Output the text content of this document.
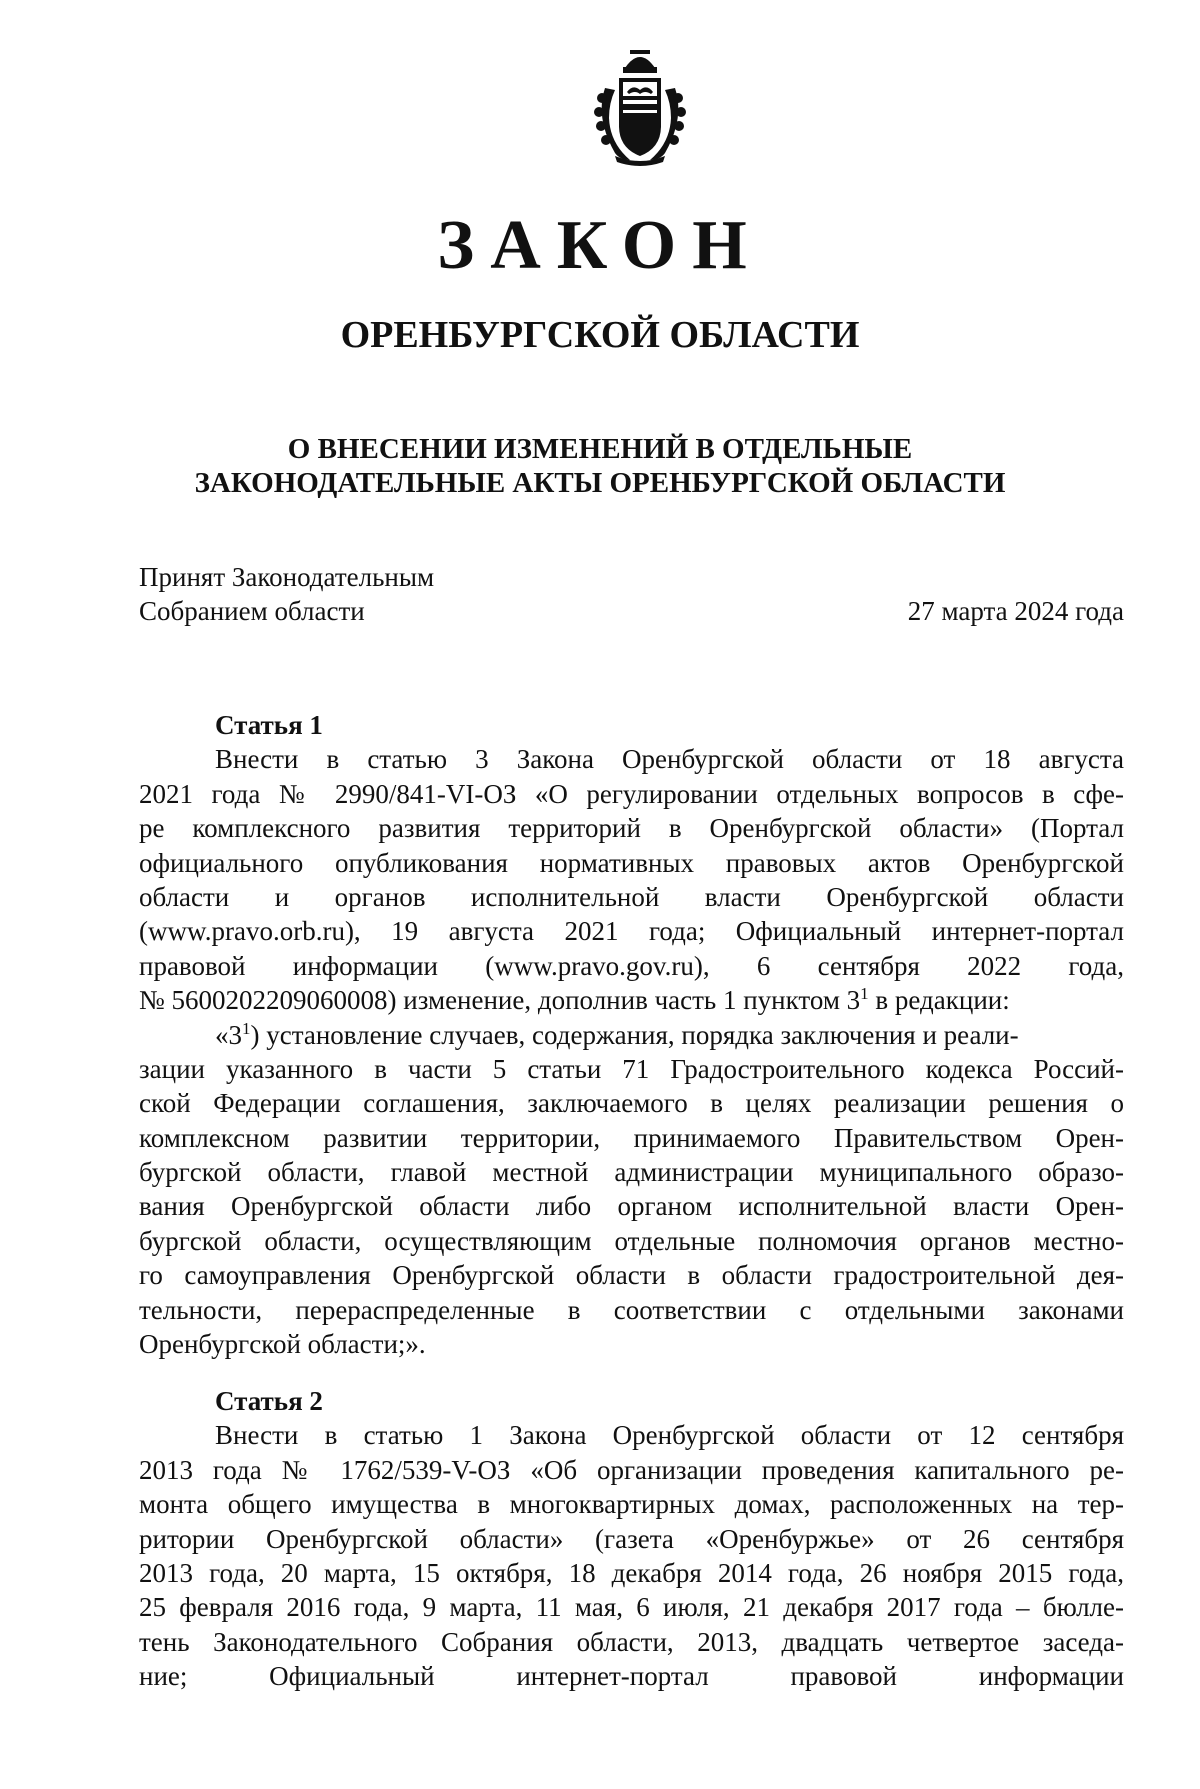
ЗАКОН
ОРЕНБУРГСКОЙ ОБЛАСТИ
О ВНЕСЕНИИ ИЗМЕНЕНИЙ В ОТДЕЛЬНЫЕ
ЗАКОНОДАТЕЛЬНЫЕ АКТЫ ОРЕНБУРГСКОЙ ОБЛАСТИ
Принят Законодательным
Собранием области	27 марта 2024 года
Статья 1
Внести в статью 3 Закона Оренбургской области от 18 августа
2021 года № 2990/841-VI-ОЗ «О регулировании отдельных вопросов в сфе-
ре комплексного развития территорий в Оренбургской области» (Портал
официального опубликования нормативных правовых актов Оренбургской
области и органов исполнительной власти Оренбургской области
(www.pravo.orb.ru), 19 августа 2021 года; Официальный интернет-портал
правовой информации (www.pravo.gov.ru), 6 сентября 2022 года,
№ 5600202209060008) изменение, дополнив часть 1 пунктом $3^1$ в редакции:
«$3^1$) установление случаев, содержания, порядка заключения и реали-
зации указанного в части 5 статьи 71 Градостроительного кодекса Россий-
ской Федерации соглашения, заключаемого в целях реализации решения о
комплексном развитии территории, принимаемого Правительством Орен-
бургской области, главой местной администрации муниципального образо-
вания Оренбургской области либо органом исполнительной власти Орен-
бургской области, осуществляющим отдельные полномочия органов местно-
го самоуправления Оренбургской области в области градостроительной дея-
тельности, перераспределенные в соответствии с отдельными законами
Оренбургской области;».
Статья 2
Внести в статью 1 Закона Оренбургской области от 12 сентября
2013 года № 1762/539-V-ОЗ «Об организации проведения капитального ре-
монта общего имущества в многоквартирных домах, расположенных на тер-
ритории Оренбургской области» (газета «Оренбуржье» от 26 сентября
2013 года, 20 марта, 15 октября, 18 декабря 2014 года, 26 ноября 2015 года,
25 февраля 2016 года, 9 марта, 11 мая, 6 июля, 21 декабря 2017 года – бюлле-
тень Законодательного Собрания области, 2013, двадцать четвертое заседа-
ние; Официальный интернет-портал правовой информации
